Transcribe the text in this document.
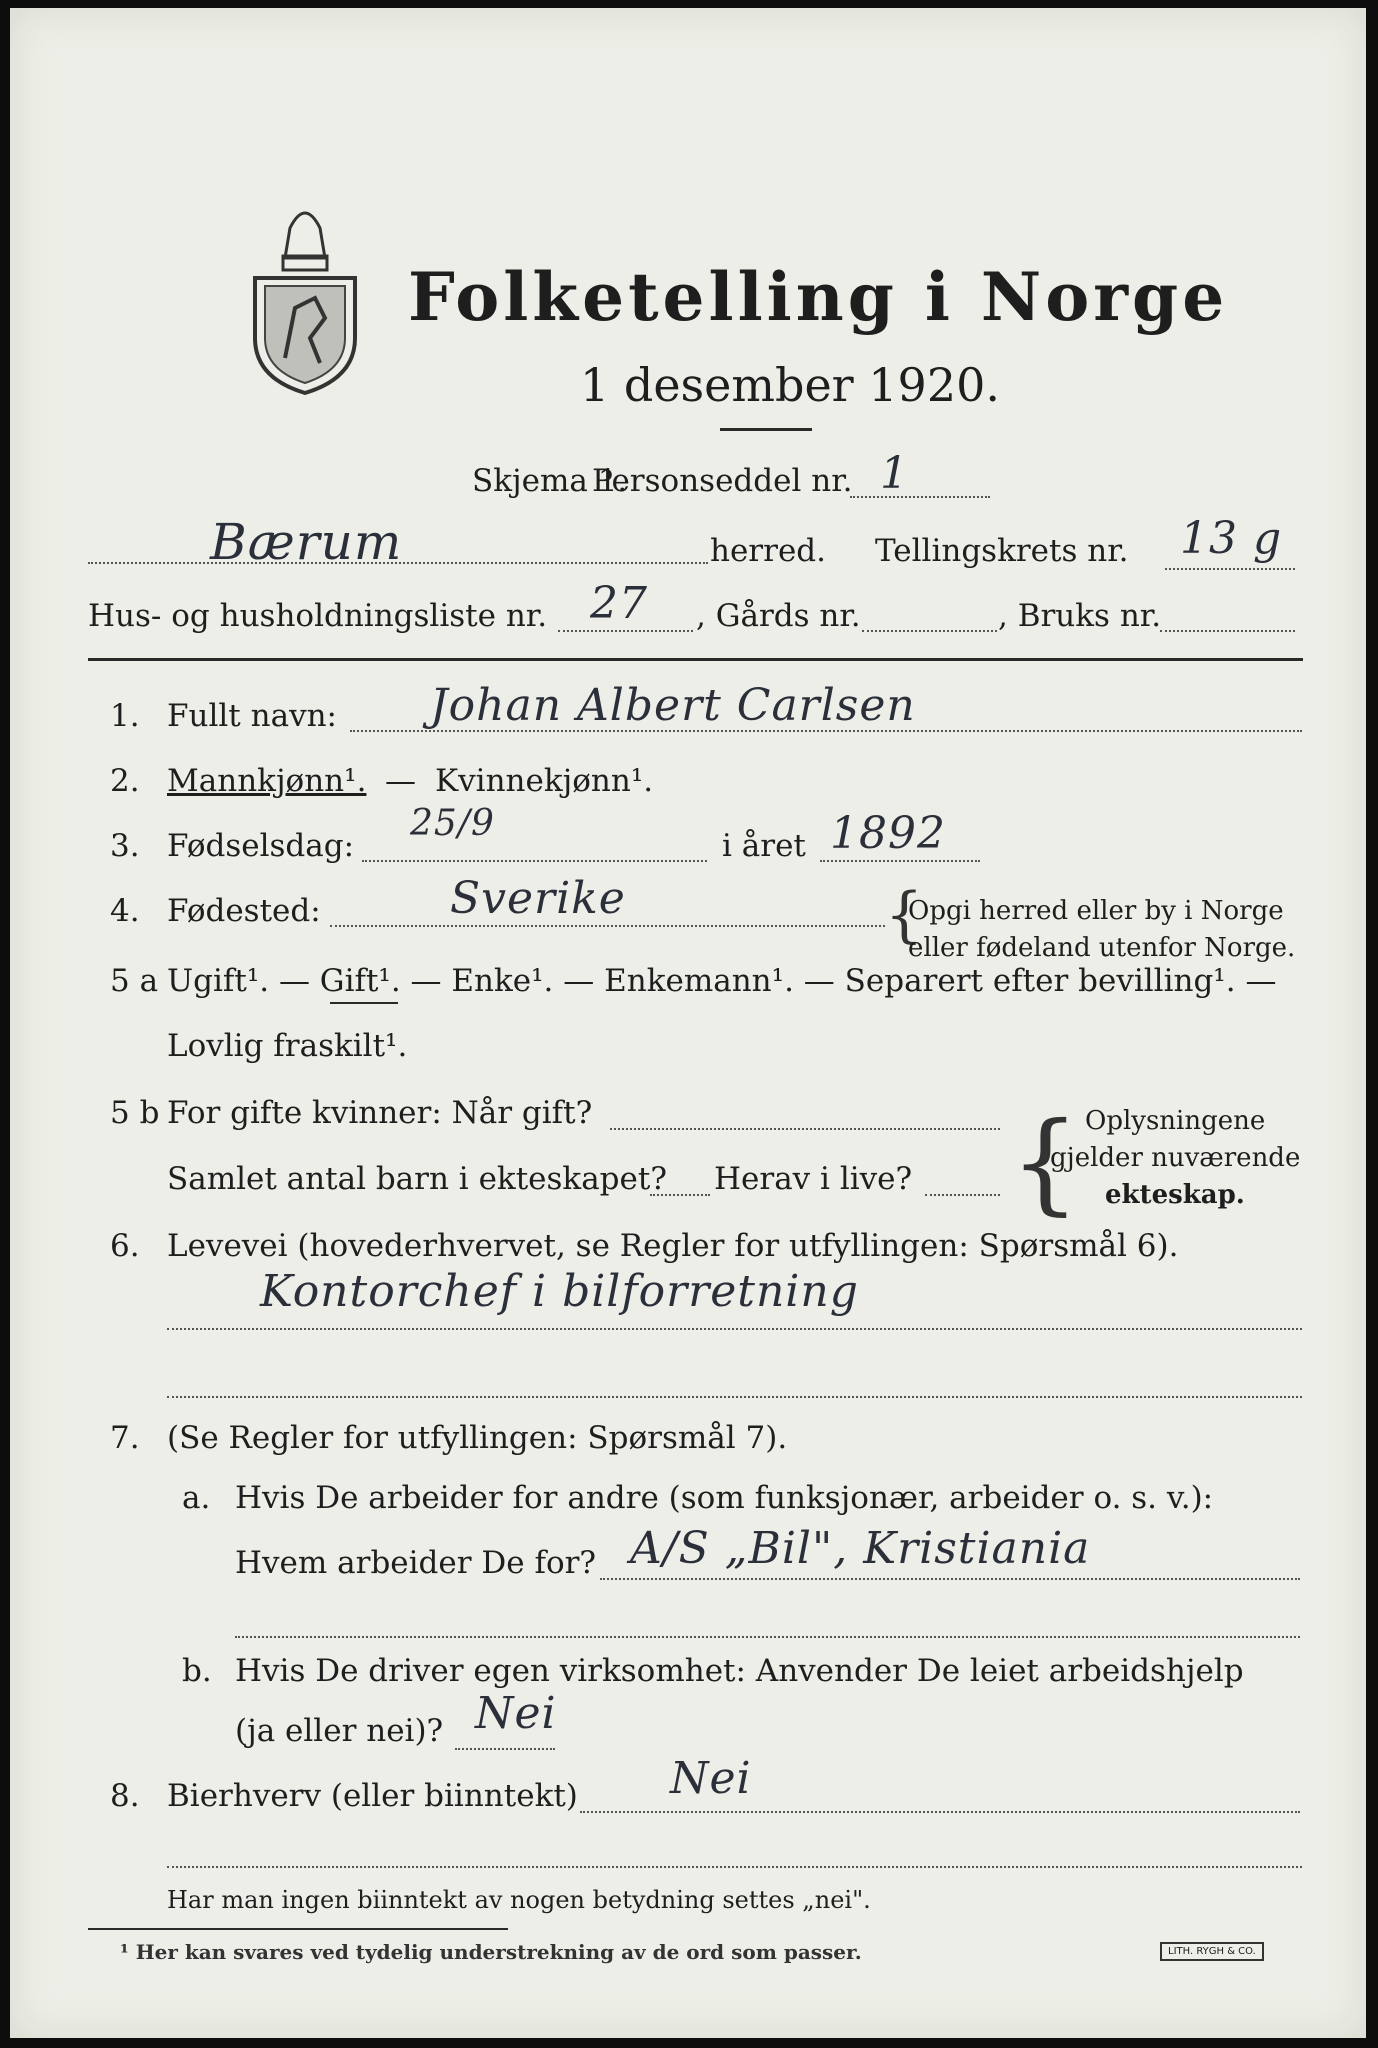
Folketelling i Norge
1 desember 1920.
Skjema 1.
Personseddel nr. 1
Bærum	herred. Tellingskrets nr. 13 g
Hus- og husholdningsliste nr. 27 , Gårds nr.	, Bruks nr.
1. Fullt navn: Johan Albert Carlsen
2. Mannkjønn¹. — Kvinnekjønn¹.
3. Fødselsdag:
25/9
i året 1892
4. Fødested:	Sverike	{
Opgi herred eller by i Norge
eller fødeland utenfor Norge.
5 a Ugift¹. — Gift¹. — Enke¹. — Enkemann¹. — Separert efter bevilling¹. —
Lovlig fraskilt¹.
5 b For gifte kvinner: Når gift?
Samlet antal barn i ekteskapet? Herav i live? { Oplysningene
gjelder nuværende
ekteskap.
6. Levevei (hovederhvervet, se Regler for utfyllingen: Spørsmål 6).
Kontorchef i bilforretning
7. (Se Regler for utfyllingen: Spørsmål 7).
a. Hvis De arbeider for andre (som funksjonær, arbeider o. s. v.):
Hvem arbeider De for? A/S „Bil", Kristiania
b. Hvis De driver egen virksomhet: Anvender De leiet arbeidshjelp
(ja eller nei)? Nei
8. Bierhverv (eller biinntekt) Nei
Har man ingen biinntekt av nogen betydning settes „nei".
¹ Her kan svares ved tydelig understrekning av de ord som passer.	LITH. RYGH & CO.
